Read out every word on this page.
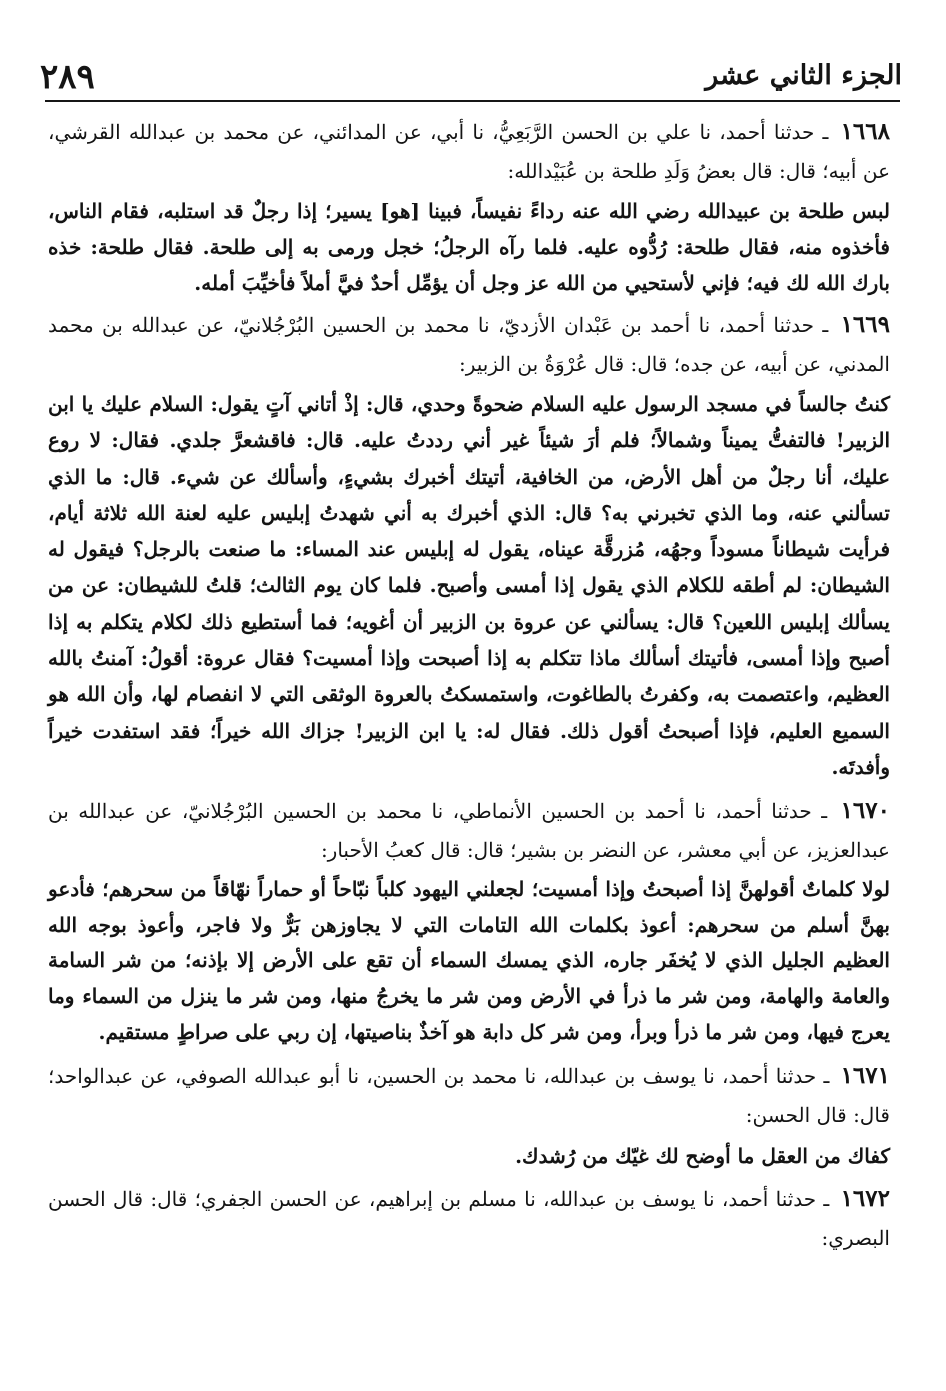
٢٨٩	الجزء الثاني عشر

١٦٦٨ ـ حدثنا أحمد، نا علي بن الحسن الرَّبَعِيُّ، نا أبي، عن المدائني، عن محمد بن عبدالله القرشي، عن أبيه؛ قال: قال بعضُ وَلَدِ طلحة بن عُبَيْدالله:

لبس طلحة بن عبيدالله رضي الله عنه رداءً نفيساً، فبينا [هو] يسير؛ إذا رجلٌ قد استلبه، فقام الناس، فأخذوه منه، فقال طلحة: رُدُّوه عليه. فلما رآه الرجلُ؛ خجل ورمى به إلى طلحة. فقال طلحة: خذه بارك الله لك فيه؛ فإني لأستحيي من الله عز وجل أن يؤمِّل أحدٌ فيَّ أملاً فأخيِّبَ أمله.

١٦٦٩ ـ حدثنا أحمد، نا أحمد بن عَبْدان الأزديّ، نا محمد بن الحسين البُرْجُلانيّ، عن عبدالله بن محمد المدني، عن أبيه، عن جده؛ قال: قال عُرْوَةُ بن الزبير:

كنتُ جالساً في مسجد الرسول عليه السلام ضحوةً وحدي، قال: إذْ أتاني آتٍ يقول: السلام عليك يا ابن الزبير! فالتفتُّ يميناً وشمالاً؛ فلم أرَ شيئاً غير أني رددتُ عليه. قال: فاقشعرَّ جلدي. فقال: لا روع عليك، أنا رجلٌ من أهل الأرض، من الخافية، أتيتك أخبرك بشيءٍ، وأسألك عن شيء. قال: ما الذي تسألني عنه، وما الذي تخبرني به؟ قال: الذي أخبرك به أني شهدتُ إبليس عليه لعنة الله ثلاثة أيام، فرأيت شيطاناً مسوداً وجهُه، مُزرقَّة عيناه، يقول له إبليس عند المساء: ما صنعت بالرجل؟ فيقول له الشيطان: لم أطقه للكلام الذي يقول إذا أمسى وأصبح. فلما كان يوم الثالث؛ قلتُ للشيطان: عن من يسألك إبليس اللعين؟ قال: يسألني عن عروة بن الزبير أن أغويه؛ فما أستطيع ذلك لكلام يتكلم به إذا أصبح وإذا أمسى، فأتيتك أسألك ماذا تتكلم به إذا أصبحت وإذا أمسيت؟ فقال عروة: أقولُ: آمنتُ بالله العظيم، واعتصمت به، وكفرتُ بالطاغوت، واستمسكتُ بالعروة الوثقى التي لا انفصام لها، وأن الله هو السميع العليم، فإذا أصبحتُ أقول ذلك. فقال له: يا ابن الزبير! جزاك الله خيراً؛ فقد استفدت خيراً وأفدتَه.

١٦٧٠ ـ حدثنا أحمد، نا أحمد بن الحسين الأنماطي، نا محمد بن الحسين البُرْجُلانيّ، عن عبدالله بن عبدالعزيز، عن أبي معشر، عن النضر بن بشير؛ قال: قال كعبُ الأحبار:

لولا كلماتٌ أقولهنَّ إذا أصبحتُ وإذا أمسيت؛ لجعلني اليهود كلباً نبّاحاً أو حماراً نهّاقاً من سحرهم؛ فأدعو بهنَّ أسلم من سحرهم: أعوذ بكلمات الله التامات التي لا يجاوزهن بَرٌّ ولا فاجر، وأعوذ بوجه الله العظيم الجليل الذي لا يُخفَر جاره، الذي يمسك السماء أن تقع على الأرض إلا بإذنه؛ من شر السامة والعامة والهامة، ومن شر ما ذرأ في الأرض ومن شر ما يخرجُ منها، ومن شر ما ينزل من السماء وما يعرج فيها، ومن شر ما ذرأ وبرأ، ومن شر كل دابة هو آخذٌ بناصيتها، إن ربي على صراطٍ مستقيم.

١٦٧١ ـ حدثنا أحمد، نا يوسف بن عبدالله، نا محمد بن الحسين، نا أبو عبدالله الصوفي، عن عبدالواحد؛ قال: قال الحسن:

كفاك من العقل ما أوضح لك غيّك من رُشدك.

١٦٧٢ ـ حدثنا أحمد، نا يوسف بن عبدالله، نا مسلم بن إبراهيم، عن الحسن الجفري؛ قال: قال الحسن البصري:
